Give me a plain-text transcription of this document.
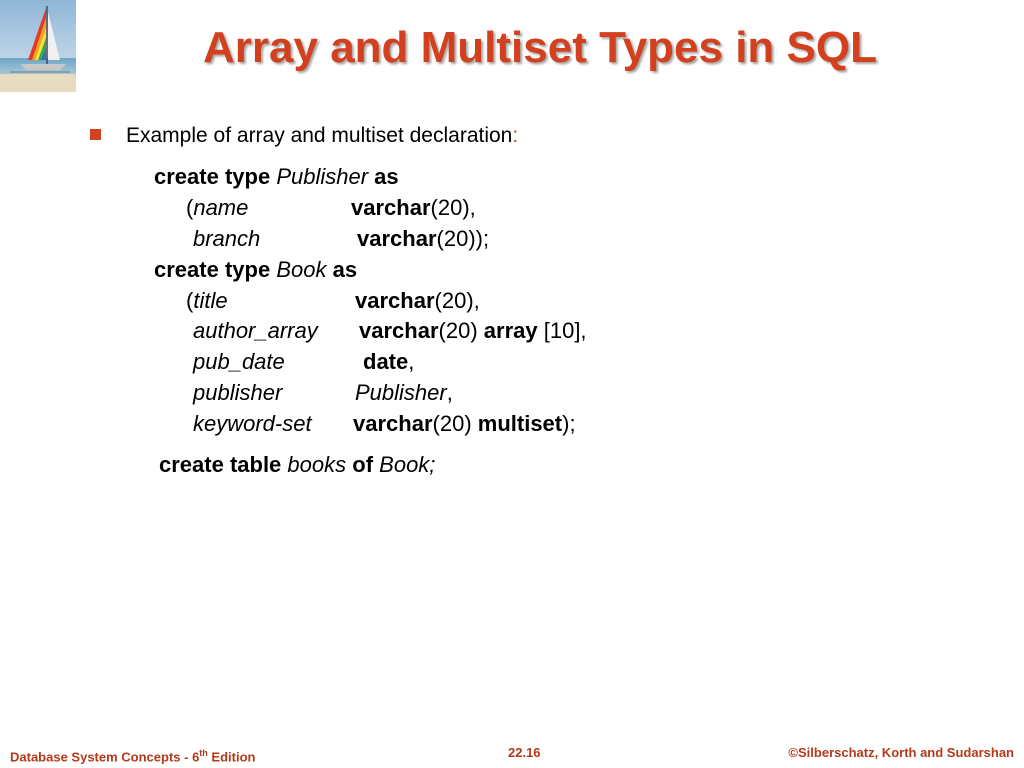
Array and Multiset Types in SQL
Example of array and multiset declaration:
create type Publisher as
(name	varchar(20),
branch	varchar(20));
create type Book as
(title	varchar(20),
author_array varchar(20) array [10],
pub_date	date,
publisher	Publisher,
keyword-set varchar(20) multiset);
create table books of Book;
Database System Concepts - 6th Edition	22.16	©Silberschatz, Korth and Sudarshan
